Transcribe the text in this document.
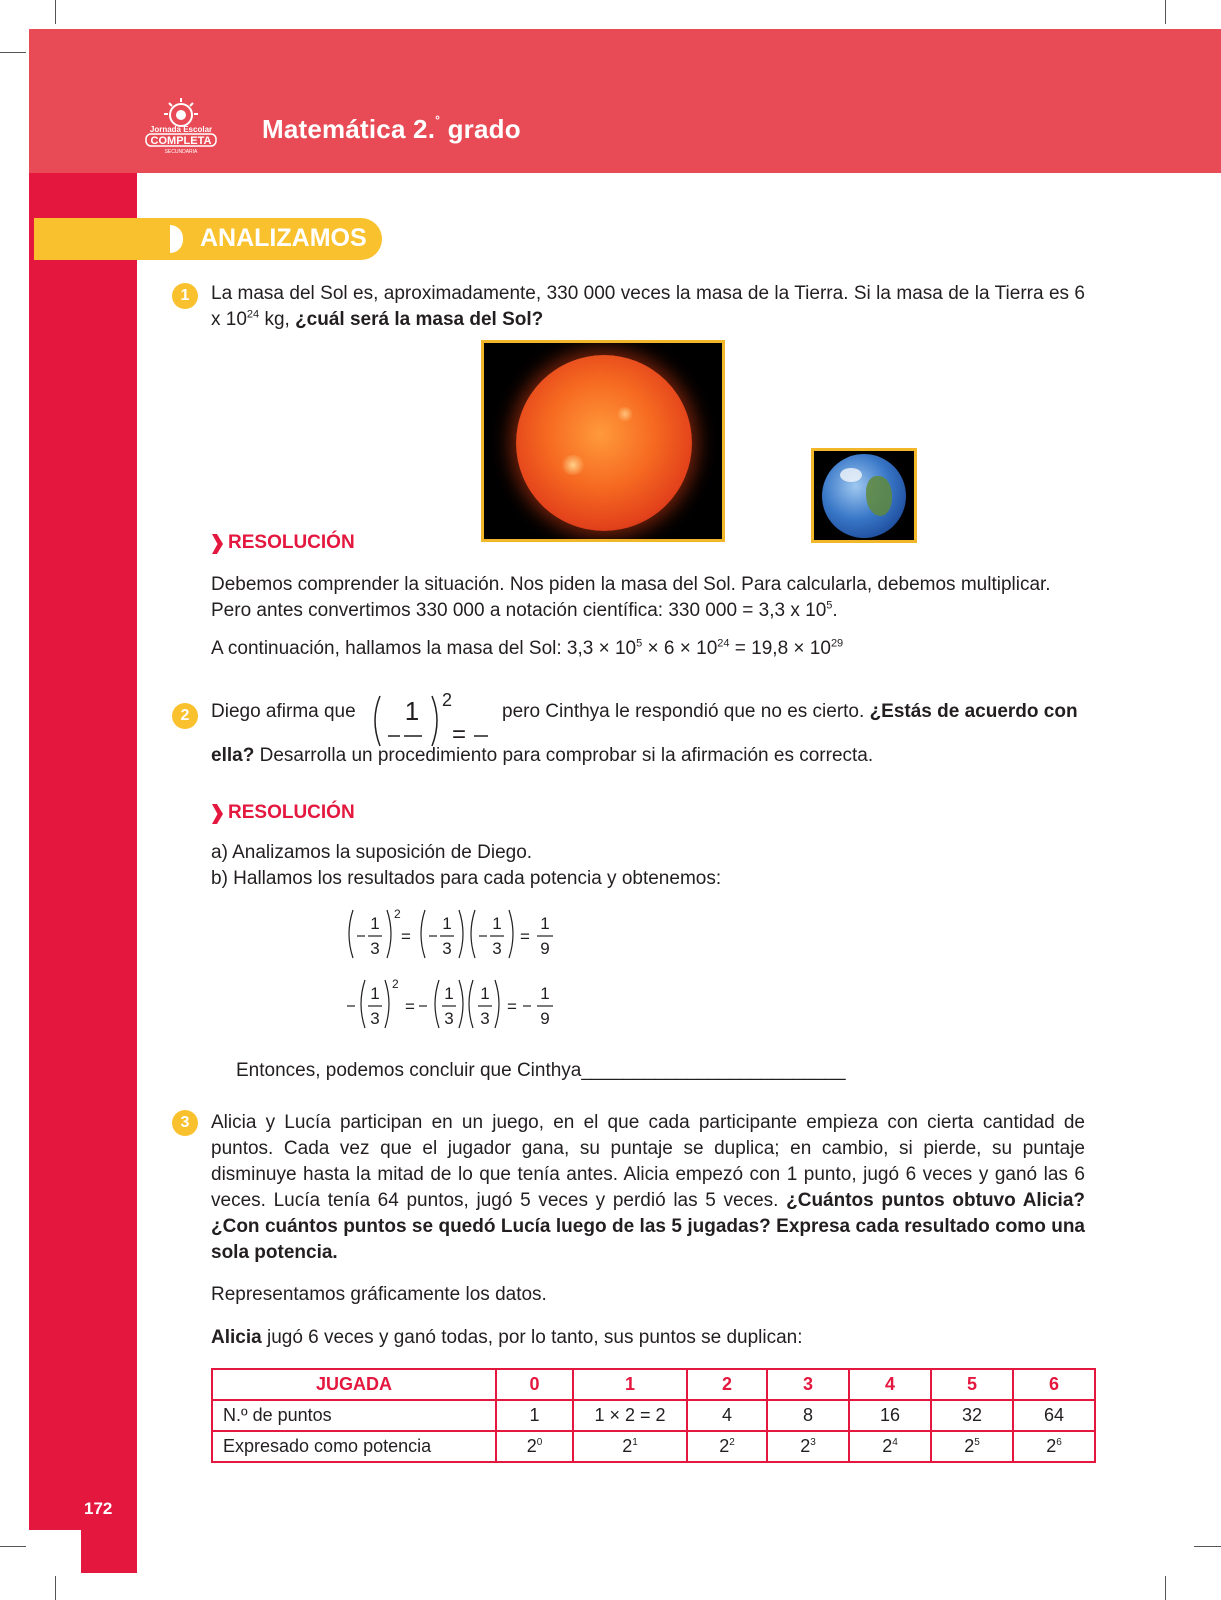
Jornada Escolar
COMPLETA
SECUNDARIA
Matemática 2.° grado
ANALIZAMOS
1	La masa del Sol es, aproximadamente, 330 000 veces la masa de la Tierra. Si la masa de la Tierra es 6 x $10^{24}$ kg, ¿cuál será la masa del Sol?
RESOLUCIÓN
Debemos comprender la situación. Nos piden la masa del Sol. Para calcularla, debemos multiplicar. Pero antes convertimos 330 000 a notación científica: 330 000 = 3,3 x $10^5$.
A continuación, hallamos la masa del Sol: $3,3 \times 10^5 \times 6 \times 10^{24} = 19,8 \times 10^{29}$
2	Diego afirma que 1 2
=
pero Cinthya le respondió que no es cierto. ¿Estás de acuerdo con
ella? Desarrolla un procedimiento para comprobar si la afirmación es correcta.
RESOLUCIÓN
a) Analizamos la suposición de Diego.
b) Hallamos los resultados para cada potencia y obtenemos:
1
3
2
=
1
3
1
3
=
1
9
1
3
2
=
1
3
1
3
=
1
9
Entonces, podemos concluir que Cinthya_________________________
3	Alicia y Lucía participan en un juego, en el que cada participante empieza con cierta cantidad de puntos. Cada vez que el jugador gana, su puntaje se duplica; en cambio, si pierde, su puntaje disminuye hasta la mitad de lo que tenía antes. Alicia empezó con 1 punto, jugó 6 veces y ganó las 6 veces. Lucía tenía 64 puntos, jugó 5 veces y perdió las 5 veces. ¿Cuántos puntos obtuvo Alicia? ¿Con cuántos puntos se quedó Lucía luego de las 5 jugadas? Expresa cada resultado como una sola potencia.
Representamos gráficamente los datos.
Alicia jugó 6 veces y ganó todas, por lo tanto, sus puntos se duplican:
JUGADA	0	1	2	3	4	5	6
N.º de puntos	1	1 × 2 = 2	4	8	16	32	64
Expresado como potencia	$2^0$	$2^1$	$2^2$	$2^3$	$2^4$	$2^5$	$2^6$
172
